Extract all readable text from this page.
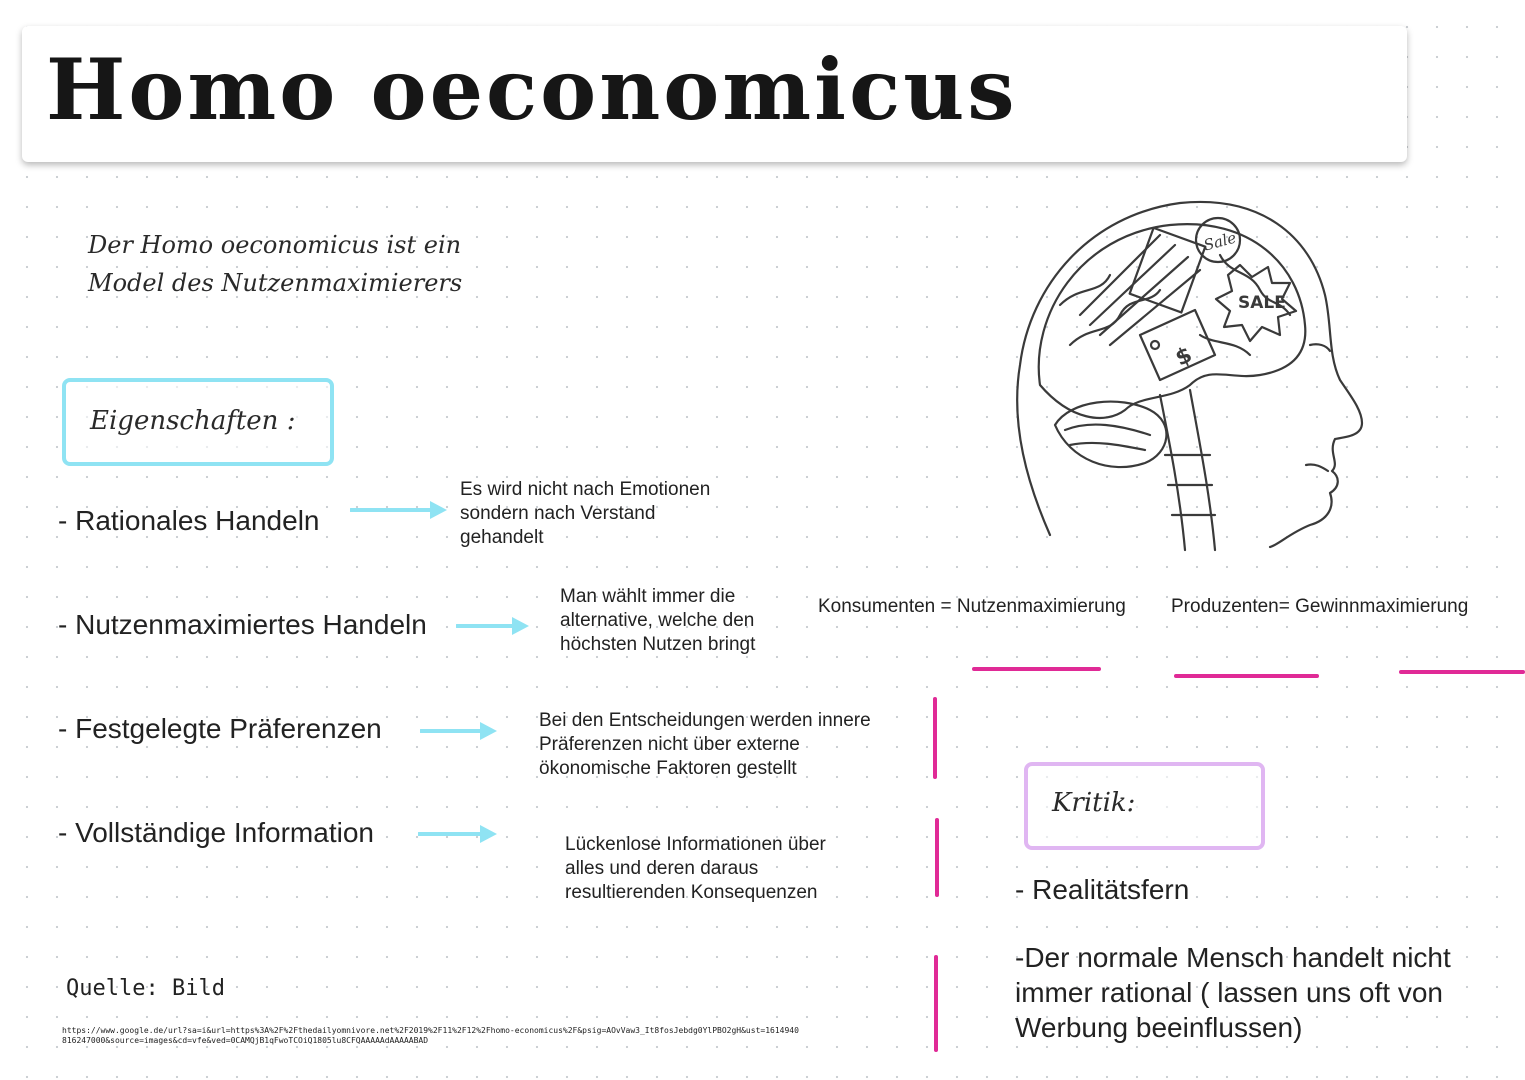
Homo oeconomicus
Der Homo oeconomicus ist ein
Model des Nutzenmaximierers
Eigenschaften :
- Rationales Handeln
Es wird nicht nach Emotionen
sondern nach Verstand
gehandelt
- Nutzenmaximiertes Handeln
Man wählt immer die
alternative, welche den
höchsten Nutzen bringt
- Festgelegte Präferenzen	Bei den Entscheidungen werden innere
Präferenzen nicht über externe
ökonomische Faktoren gestellt
- Vollständige Information	Lückenlose Informationen über
alles und deren daraus
resultierenden Konsequenzen
$
Sale
SALE
Konsumenten = Nutzenmaximierung Produzenten= Gewinnmaximierung
Kritik:
- Realitätsfern
-Der normale Mensch handelt nicht
immer rational ( lassen uns oft von
Werbung beeinflussen)
Quelle: Bild
https://www.google.de/url?sa=i&url=https%3A%2F%2Fthedailyomnivore.net%2F2019%2F11%2F12%2Fhomo-economicus%2F&psig=AOvVaw3_It8fosJebdg0YlPBO2gH&ust=1614940816247000&source=images&cd=vfe&ved=0CAMQjB1qFwoTCOiQ1805lu8CFQAAAAAdAAAAABAD
